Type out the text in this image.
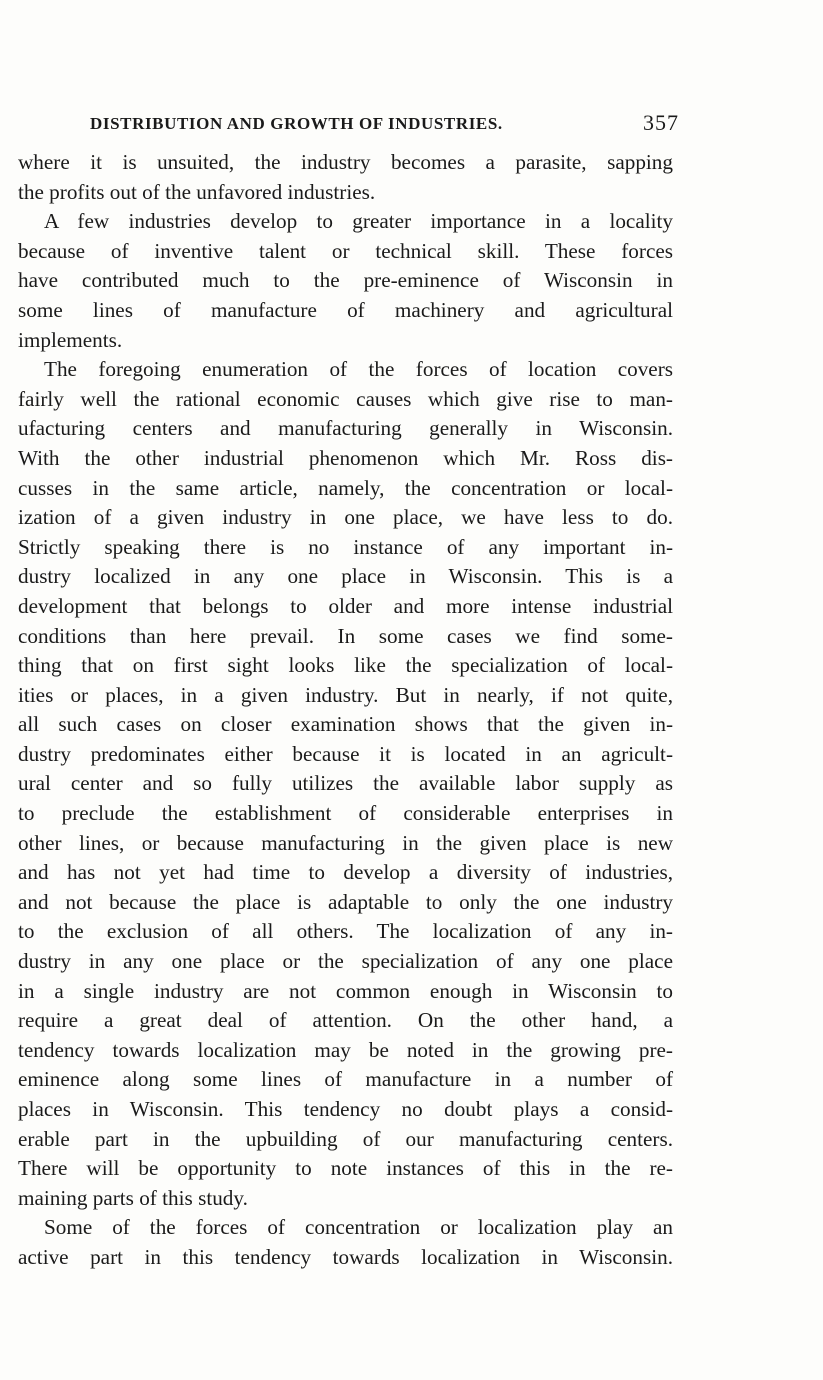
DISTRIBUTION AND GROWTH OF INDUSTRIES.	357

where it is unsuited, the industry becomes a parasite, sapping
the profits out of the unfavored industries.

A few industries develop to greater importance in a locality
because of inventive talent or technical skill. These forces
have contributed much to the pre-eminence of Wisconsin in
some lines of manufacture of machinery and agricultural
implements.

The foregoing enumeration of the forces of location covers
fairly well the rational economic causes which give rise to man-
ufacturing centers and manufacturing generally in Wisconsin.
With the other industrial phenomenon which Mr. Ross dis-
cusses in the same article, namely, the concentration or local-
ization of a given industry in one place, we have less to do.
Strictly speaking there is no instance of any important in-
dustry localized in any one place in Wisconsin. This is a
development that belongs to older and more intense industrial
conditions than here prevail. In some cases we find some-
thing that on first sight looks like the specialization of local-
ities or places, in a given industry. But in nearly, if not quite,
all such cases on closer examination shows that the given in-
dustry predominates either because it is located in an agricult-
ural center and so fully utilizes the available labor supply as
to preclude the establishment of considerable enterprises in
other lines, or because manufacturing in the given place is new
and has not yet had time to develop a diversity of industries,
and not because the place is adaptable to only the one industry
to the exclusion of all others. The localization of any in-
dustry in any one place or the specialization of any one place
in a single industry are not common enough in Wisconsin to
require a great deal of attention. On the other hand, a
tendency towards localization may be noted in the growing pre-
eminence along some lines of manufacture in a number of
places in Wisconsin. This tendency no doubt plays a consid-
erable part in the upbuilding of our manufacturing centers.
There will be opportunity to note instances of this in the re-
maining parts of this study.

Some of the forces of concentration or localization play an
active part in this tendency towards localization in Wisconsin.
